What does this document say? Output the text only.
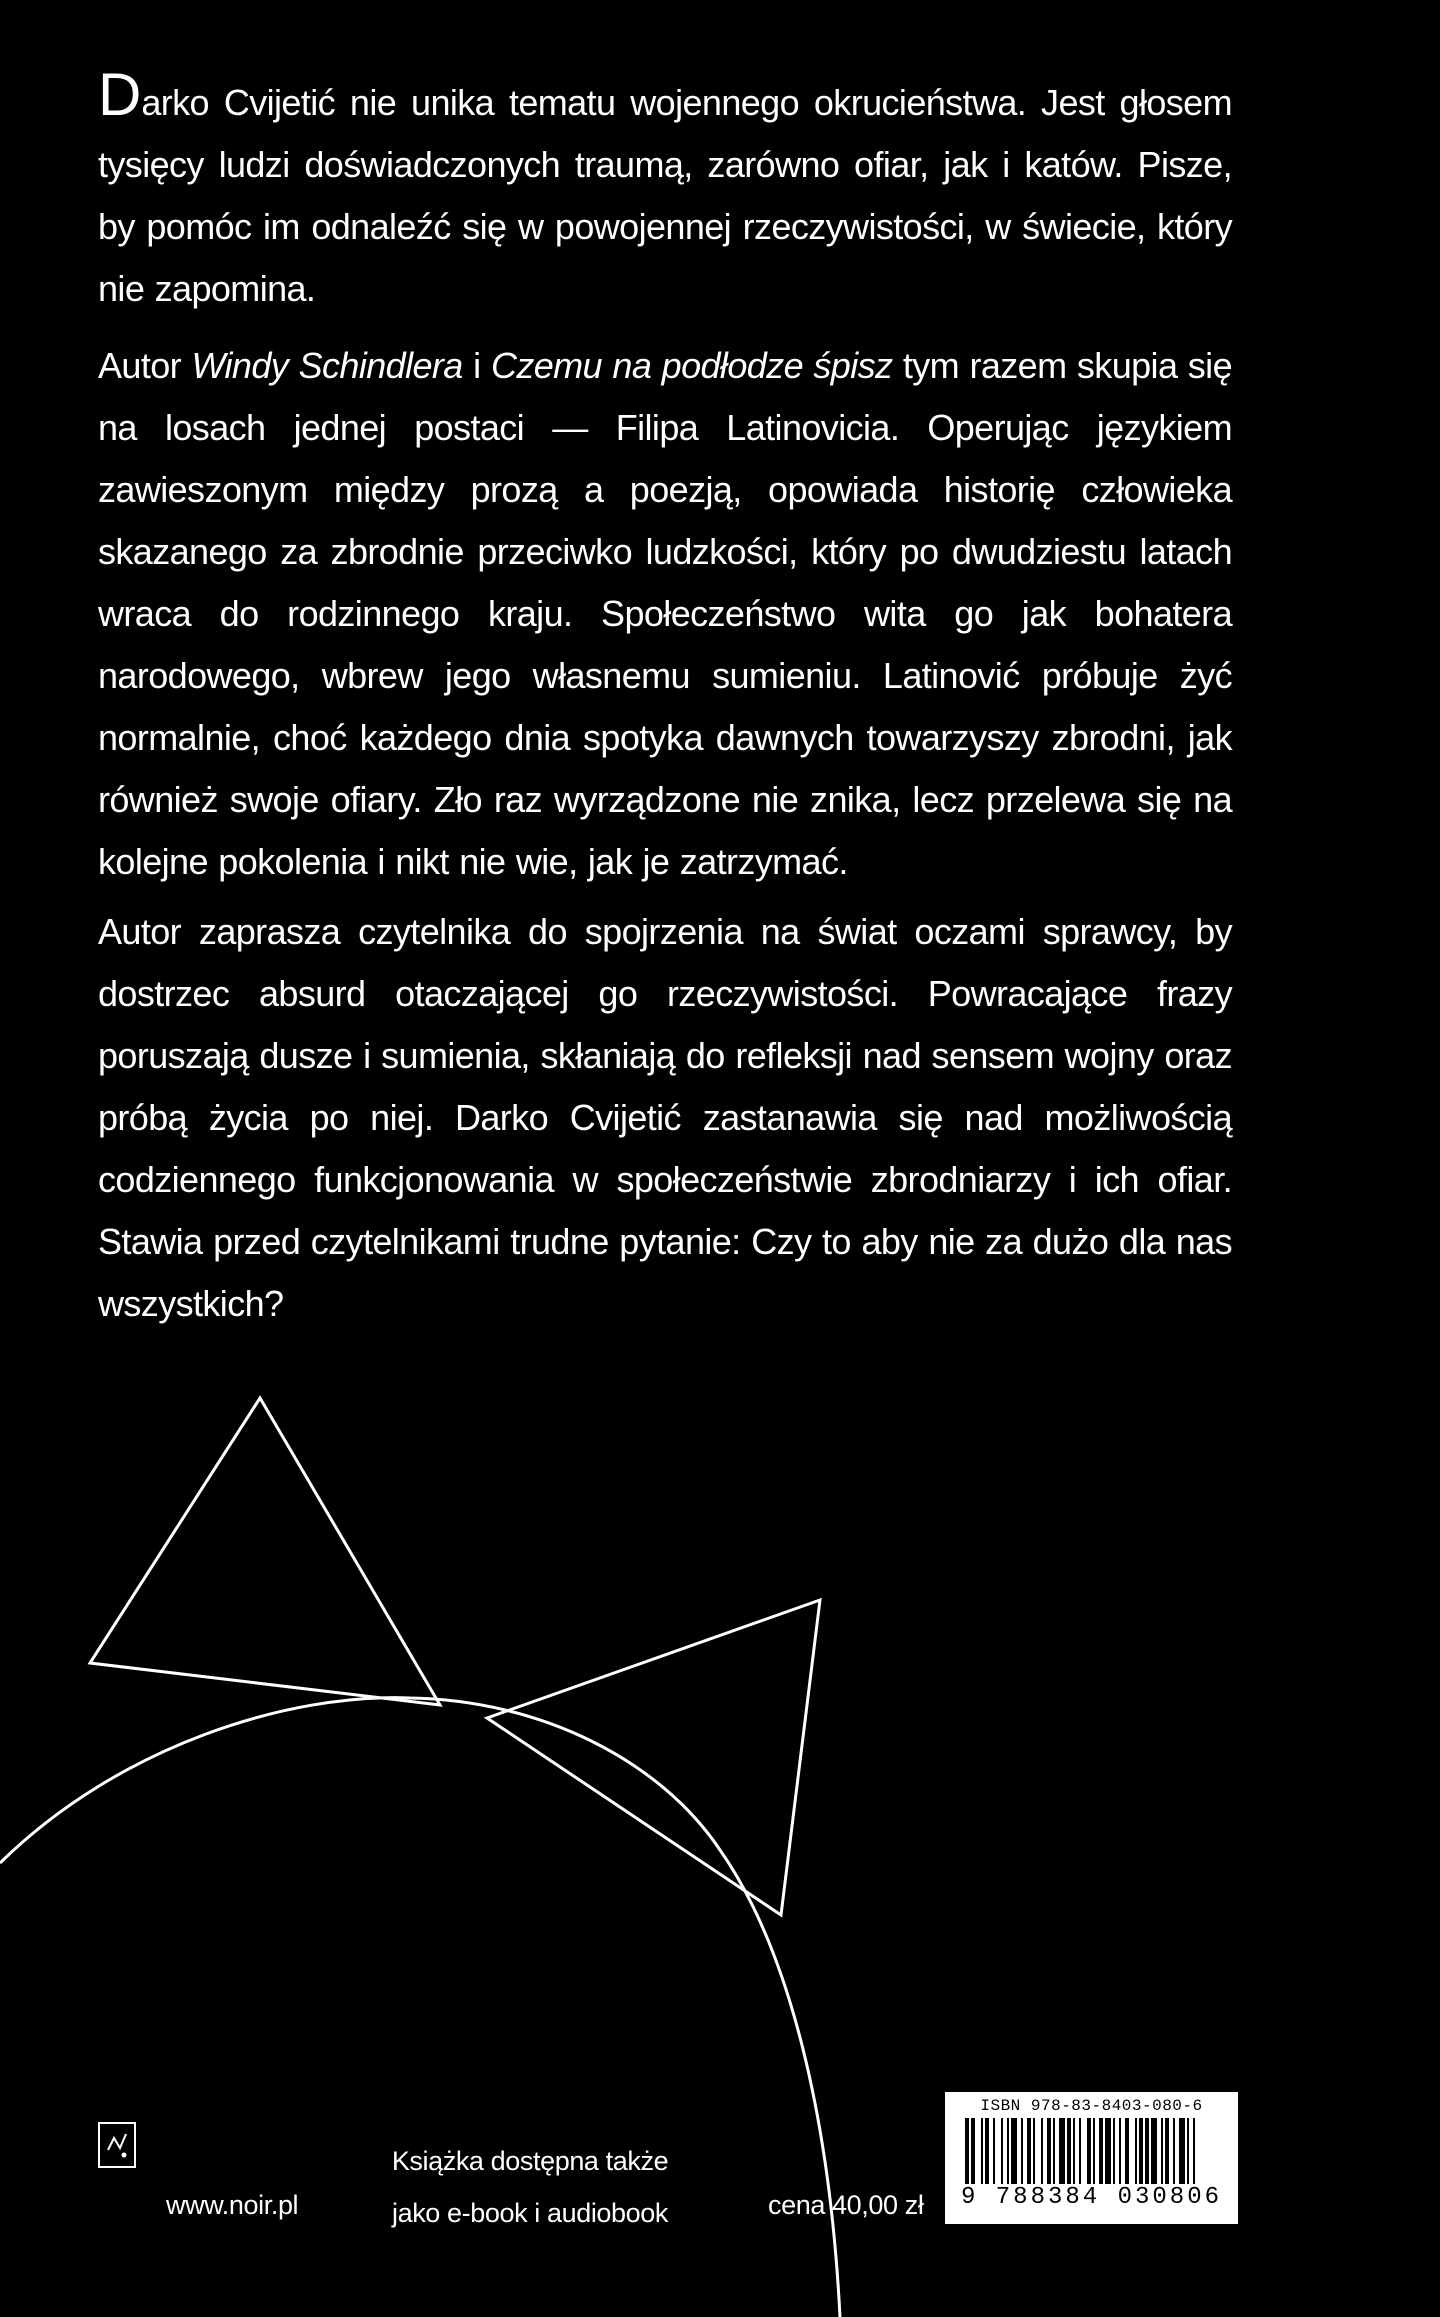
Darko Cvijetić nie unika tematu wojennego okrucieństwa. Jest głosem tysięcy ludzi doświadczonych traumą, zarówno ofiar, jak i katów. Pisze, by pomóc im odnaleźć się w powojennej rzeczywistości, w świecie, który nie zapomina.

Autor Windy Schindlera i Czemu na podłodze śpisz tym razem skupia się na losach jednej postaci — Filipa Latinovicia. Operując językiem zawieszonym między prozą a poezją, opowiada historię człowieka skazanego za zbrodnie przeciwko ludzkości, który po dwudziestu latach wraca do rodzinnego kraju. Społeczeństwo wita go jak bohatera narodowego, wbrew jego własnemu sumieniu. Latinović próbuje żyć normalnie, choć każdego dnia spotyka dawnych towarzyszy zbrodni, jak również swoje ofiary. Zło raz wyrządzone nie znika, lecz przelewa się na kolejne pokolenia i nikt nie wie, jak je zatrzymać.

Autor zaprasza czytelnika do spojrzenia na świat oczami sprawcy, by dostrzec absurd otaczającej go rzeczywistości. Powracające frazy poruszają dusze i sumienia, skłaniają do refleksji nad sensem wojny oraz próbą życia po niej. Darko Cvijetić zastanawia się nad możliwością codziennego funkcjonowania w społeczeństwie zbrodniarzy i ich ofiar. Stawia przed czytelnikami trudne pytanie: Czy to aby nie za dużo dla nas wszystkich?

www.noir.pl
Książka dostępna także
jako e-book i audiobook	cena 40,00 zł
ISBN 978-83-8403-080-6
9 788384 030806
